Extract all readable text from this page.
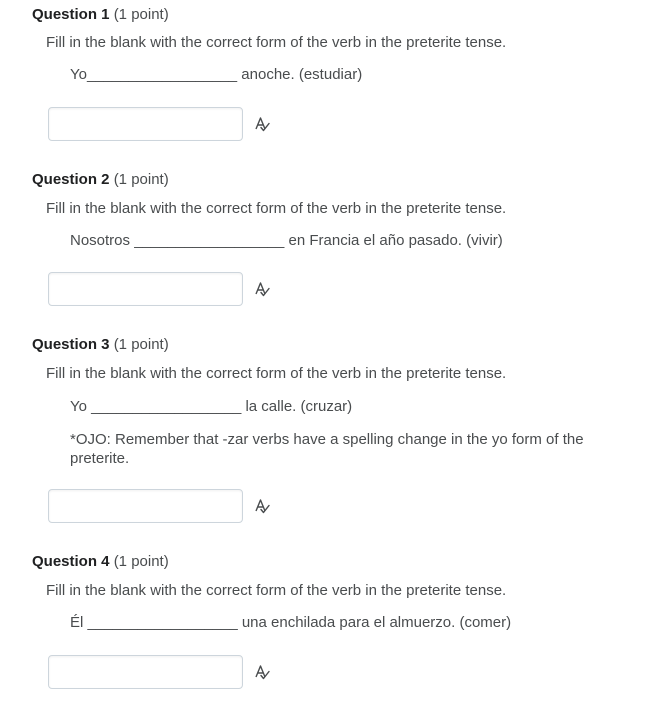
Question 1 (1 point)
Fill in the blank with the correct form of the verb in the preterite tense.
Yo__________________ anoche. (estudiar)
Question 2 (1 point)
Fill in the blank with the correct form of the verb in the preterite tense.
Nosotros __________________ en Francia el año pasado. (vivir)
Question 3 (1 point)
Fill in the blank with the correct form of the verb in the preterite tense.
Yo __________________ la calle. (cruzar)
*OJO: Remember that -zar verbs have a spelling change in the yo form of the preterite.
Question 4 (1 point)
Fill in the blank with the correct form of the verb in the preterite tense.
Él __________________ una enchilada para el almuerzo. (comer)
